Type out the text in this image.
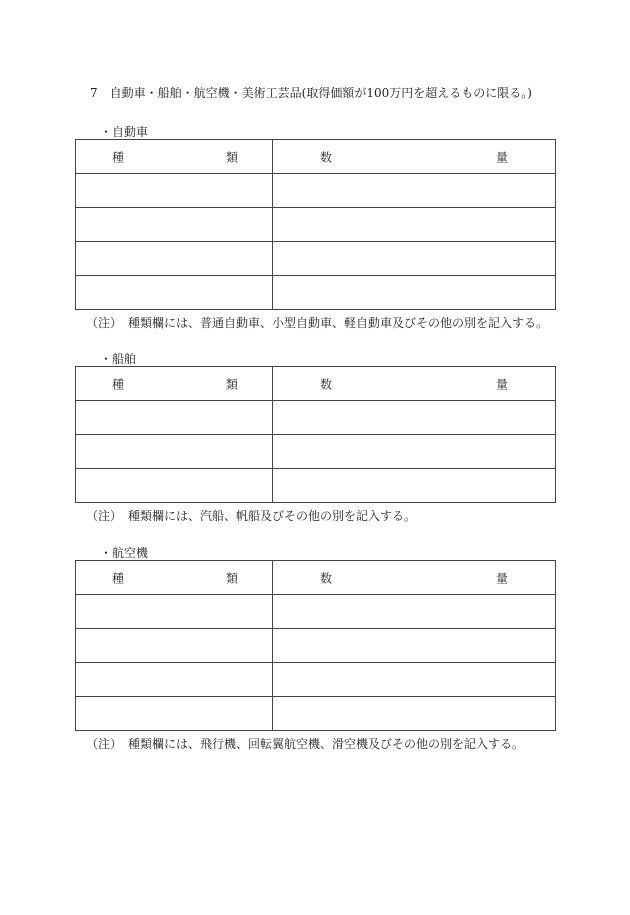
7　自動車・船舶・航空機・美術工芸品(取得価額が100万円を超えるものに限る。)
・自動車
種 類	数 量

（注）　種類欄には、普通自動車、小型自動車、軽自動車及びその他の別を記入する。
・船舶
種 類	数 量

（注）　種類欄には、汽船、帆船及びその他の別を記入する。
・航空機
種 類	数 量

（注）　種類欄には、飛行機、回転翼航空機、滑空機及びその他の別を記入する。
